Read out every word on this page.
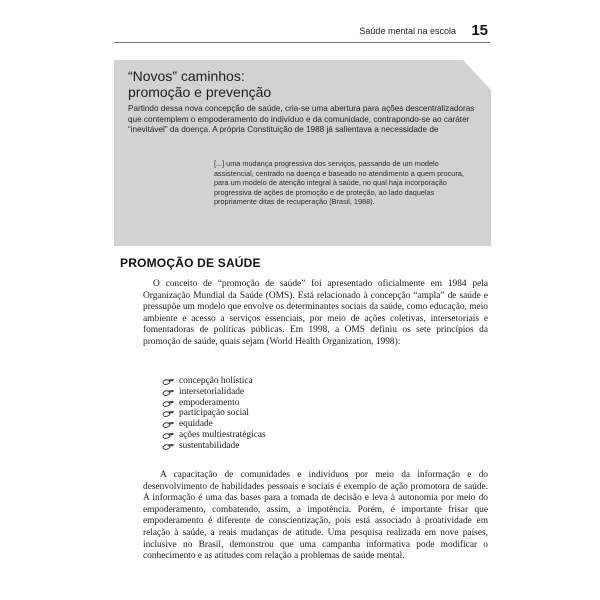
Saúde mental na escola 15
“Novos” caminhos:
promoção e prevenção
Partindo dessa nova concepção de saúde, cria-se uma abertura para ações descentralizadoras que contemplem o empoderamento do indivíduo e da comunidade, contrapondo-se ao caráter “inevitável” da doença. A própria Constituição de 1988 já salientava a necessidade de
[...] uma mudança progressiva dos serviços, passando de um modelo assistencial, centrado na doença e baseado no atendimento a quem procura, para um modelo de atenção integral à saúde, no qual haja incorporação progressiva de ações de promoção e de proteção, ao lado daquelas propriamente ditas de recuperação (Brasil, 1988).
PROMOÇÃO DE SAÚDE

O conceito de “promoção de saúde” foi apresentado oficialmente em 1984 pela Organização Mundial da Saúde (OMS). Está relacionado à concepção “ampla” de saúde e pressupõe um modelo que envolve os determinantes sociais da saúde, como educação, meio ambiente e acesso a serviços essenciais, por meio de ações coletivas, intersetoriais e fomentadoras de políticas públicas. Em 1998, a OMS definiu os sete princípios da promoção de saúde, quais sejam (World Health Organization, 1998):

concepção holística
intersetorialidade
empoderamento
participação social
equidade
ações multiestratégicas
sustentabilidade

A capacitação de comunidades e indivíduos por meio da informação e do desenvolvimento de habilidades pessoais e sociais é exemplo de ação promotora de saúde. A informação é uma das bases para a tomada de decisão e leva à autonomia por meio do empoderamento, combatendo, assim, a impotência. Porém, é importante frisar que empoderamento é diferente de conscientização, pois está associado à proatividade em relação à saúde, a reais mudanças de atitude. Uma pesquisa realizada em nove países, inclusive no Brasil, demonstrou que uma campanha informativa pode modificar o conhecimento e as atitudes com relação a problemas de saúde mental.
